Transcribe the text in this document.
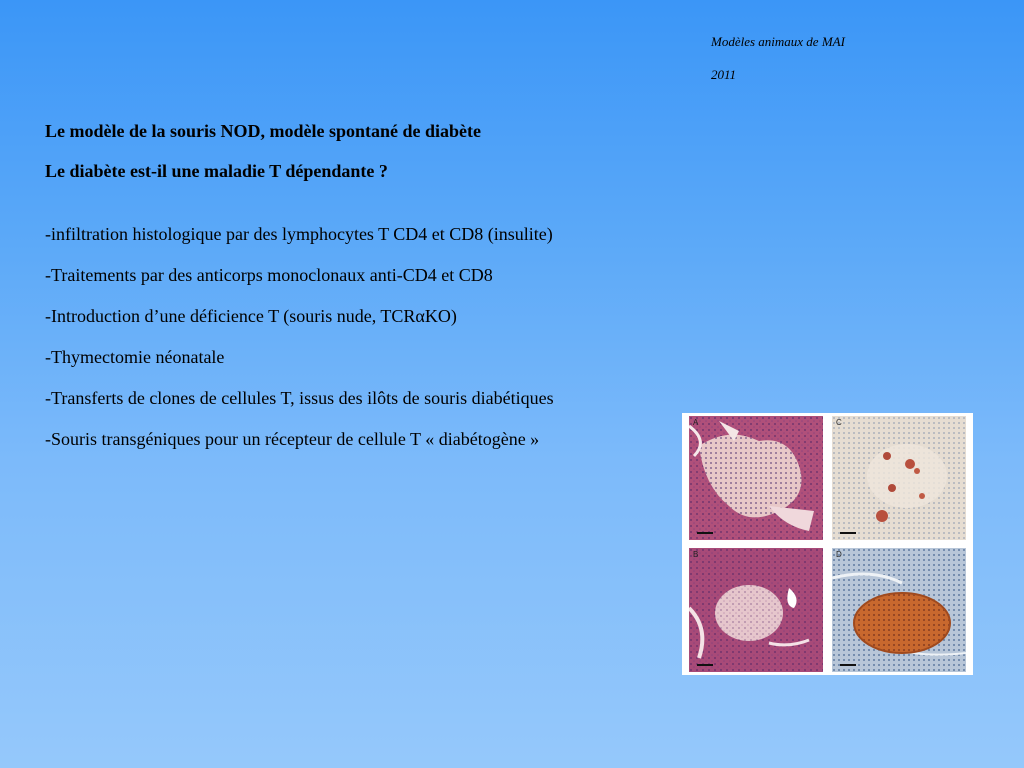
Modèles animaux de MAI
2011
Le modèle de la souris NOD, modèle spontané de diabète
Le diabète est-il une maladie T dépendante ?
-infiltration histologique par des lymphocytes T CD4 et CD8 (insulite)
-Traitements par des anticorps monoclonaux anti-CD4 et CD8
-Introduction d’une déficience T (souris nude, TCRαKO)
-Thymectomie néonatale
-Transferts de clones de cellules T, issus des ilôts de souris diabétiques
-Souris transgéniques pour un récepteur de cellule T « diabétogène »
A	C
B	D
